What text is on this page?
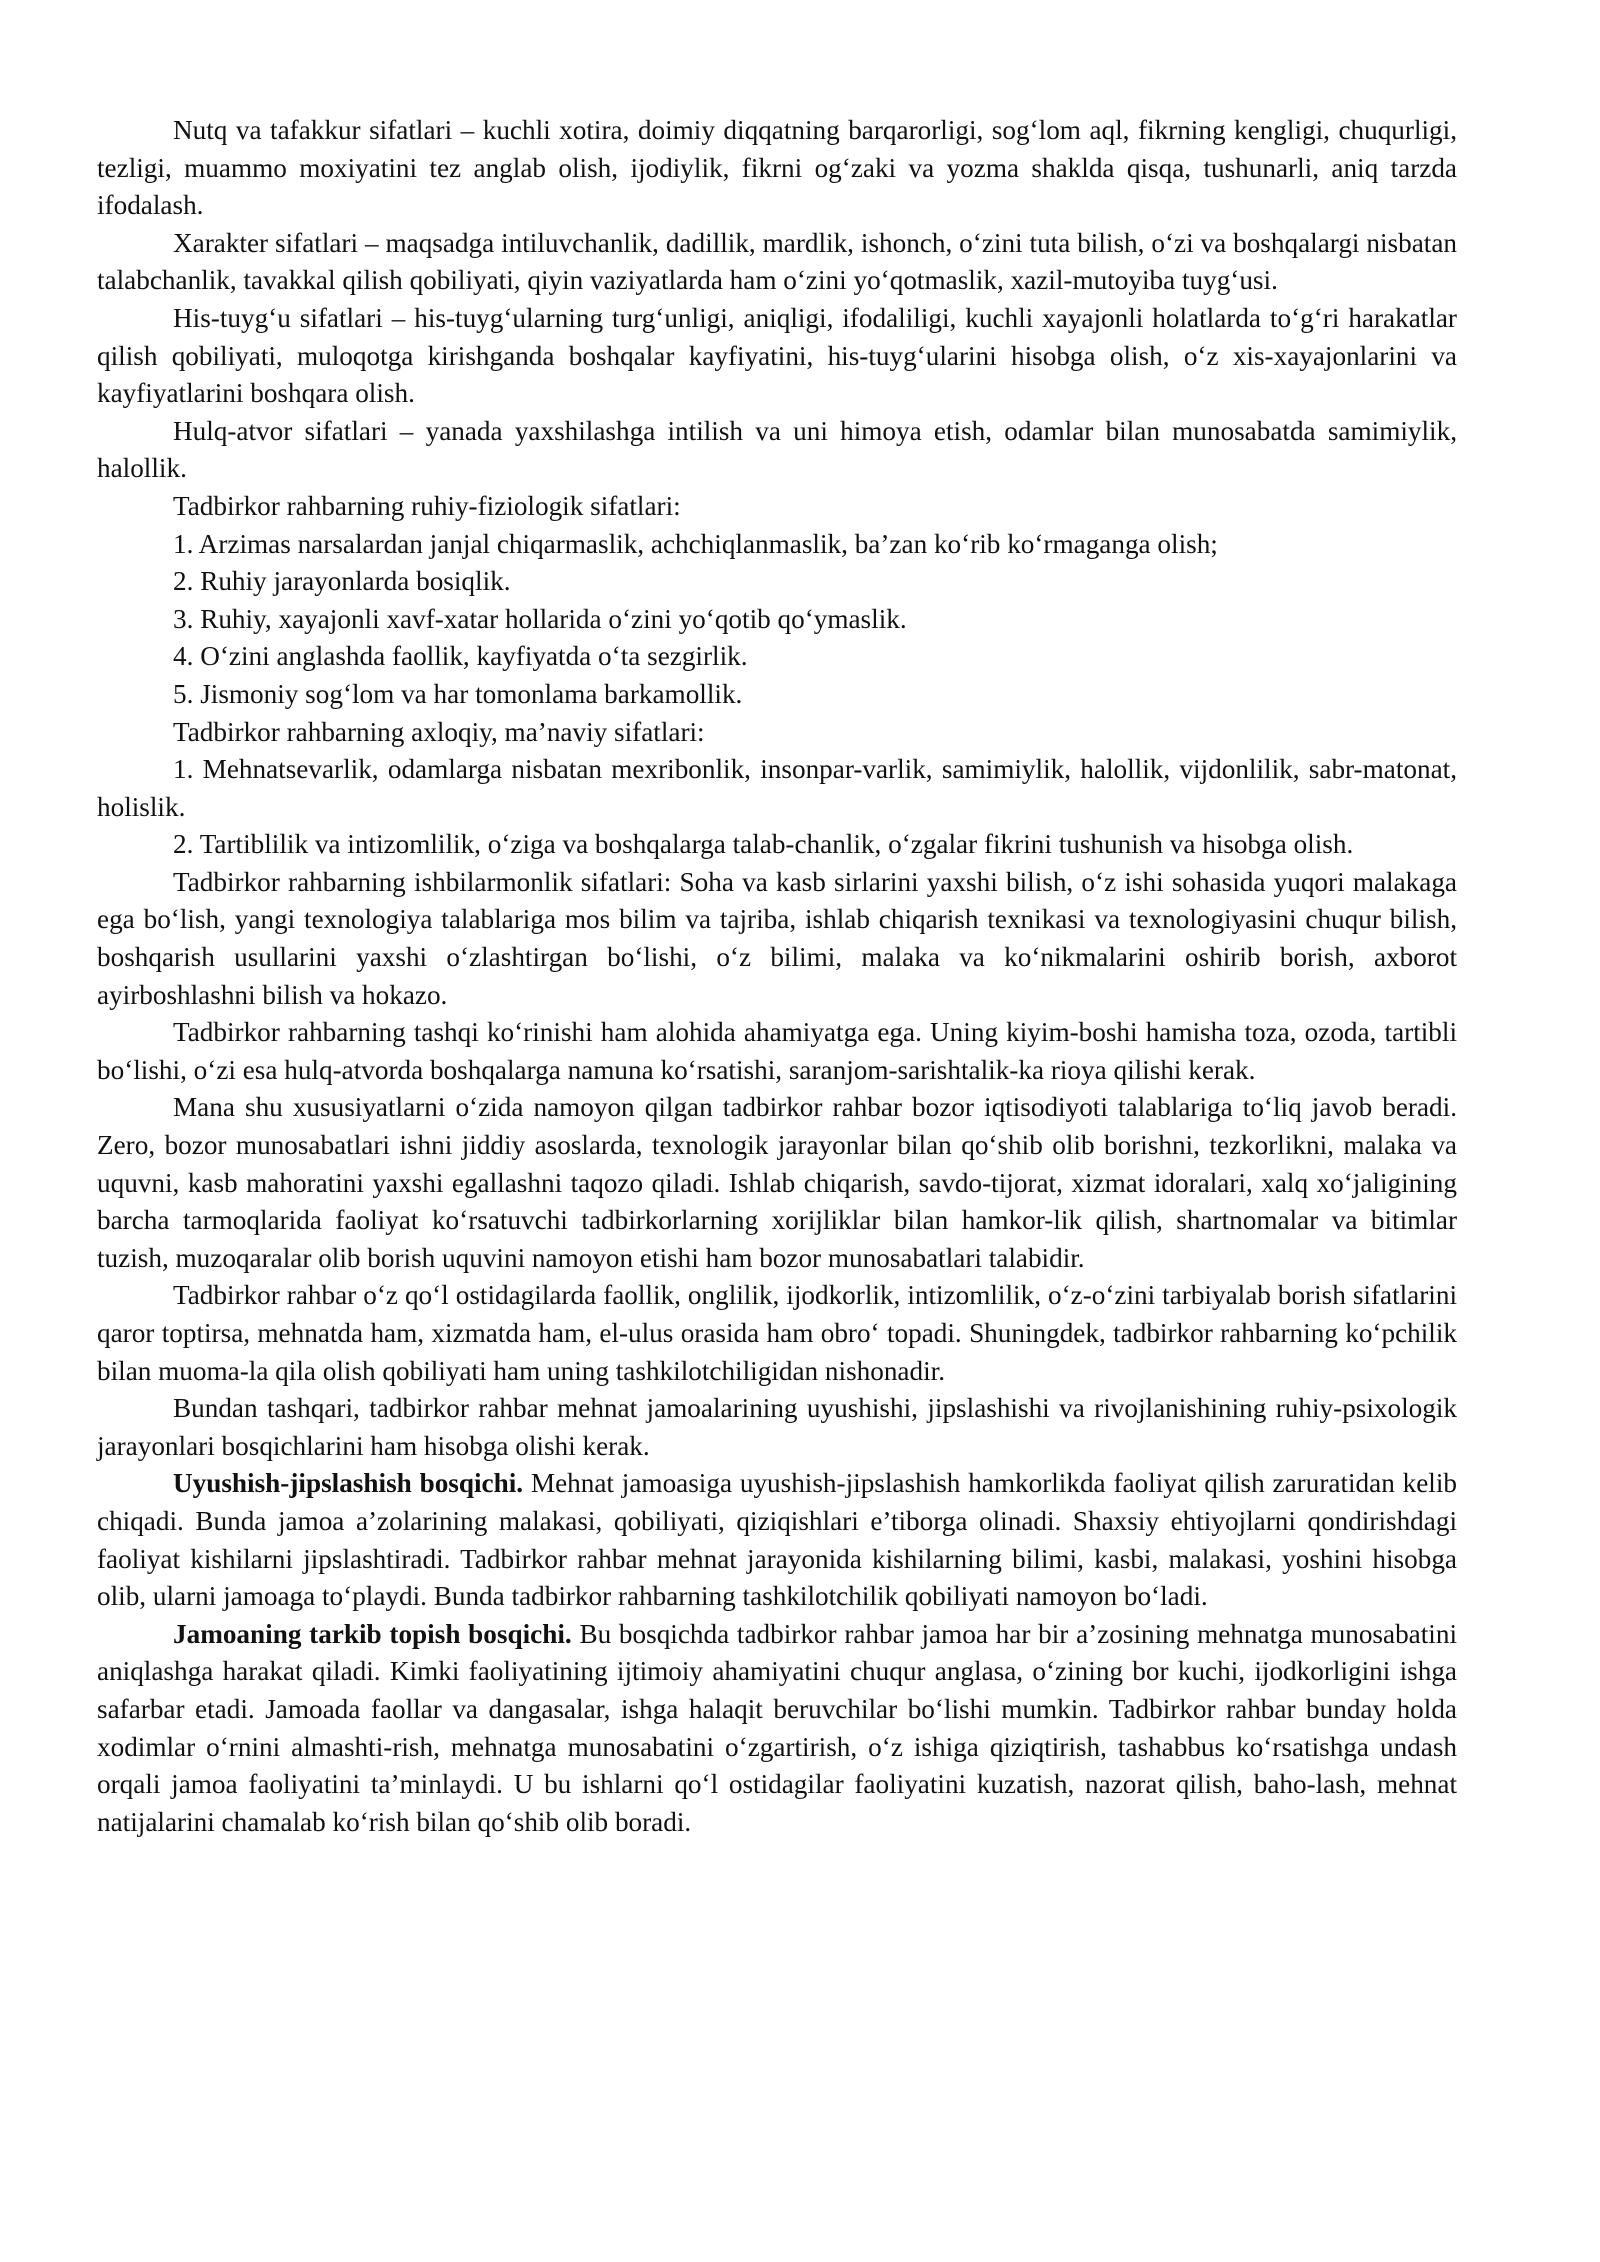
Nutq va tafakkur sifatlari – kuchli xotira, doimiy diqqatning barqarorligi, sog‘lom aql, fikrning kengligi, chuqurligi, tezligi, muammo moxiyatini tez anglab olish, ijodiylik, fikrni og‘zaki va yozma shaklda qisqa, tushunarli, aniq tarzda ifodalash.

Xarakter sifatlari – maqsadga intiluvchanlik, dadillik, mardlik, ishonch, o‘zini tuta bilish, o‘zi va boshqalargi nisbatan talabchanlik, tavakkal qilish qobiliyati, qiyin vaziyatlarda ham o‘zini yo‘qotmaslik, xazil-mutoyiba tuyg‘usi.

His-tuyg‘u sifatlari – his-tuyg‘ularning turg‘unligi, aniqligi, ifodaliligi, kuchli xayajonli holatlarda to‘g‘ri harakatlar qilish qobiliyati, muloqotga kirishganda boshqalar kayfiyatini, his-tuyg‘ularini hisobga olish, o‘z xis-xayajonlarini va kayfiyatlarini boshqara olish.

Hulq-atvor sifatlari – yanada yaxshilashga intilish va uni himoya etish, odamlar bilan munosabatda samimiylik, halollik.

Tadbirkor rahbarning ruhiy-fiziologik sifatlari:

1. Arzimas narsalardan janjal chiqarmaslik, achchiqlanmaslik, ba’zan ko‘rib ko‘rmaganga olish;

2. Ruhiy jarayonlarda bosiqlik.

3. Ruhiy, xayajonli xavf-xatar hollarida o‘zini yo‘qotib qo‘ymaslik.

4. O‘zini anglashda faollik, kayfiyatda o‘ta sezgirlik.

5. Jismoniy sog‘lom va har tomonlama barkamollik.

Tadbirkor rahbarning axloqiy, ma’naviy sifatlari:

1. Mehnatsevarlik, odamlarga nisbatan mexribonlik, insonpar-varlik, samimiylik, halollik, vijdonlilik, sabr-matonat, holislik.

2. Tartiblilik va intizomlilik, o‘ziga va boshqalarga talab-chanlik, o‘zgalar fikrini tushunish va hisobga olish.

Tadbirkor rahbarning ishbilarmonlik sifatlari: Soha va kasb sirlarini yaxshi bilish, o‘z ishi sohasida yuqori malakaga ega bo‘lish, yangi texnologiya talablariga mos bilim va tajriba, ishlab chiqarish texnikasi va texnologiyasini chuqur bilish, boshqarish usullarini yaxshi o‘zlashtirgan bo‘lishi, o‘z bilimi, malaka va ko‘nikmalarini oshirib borish, axborot ayirboshlashni bilish va hokazo.

Tadbirkor rahbarning tashqi ko‘rinishi ham alohida ahamiyatga ega. Uning kiyim-boshi hamisha toza, ozoda, tartibli bo‘lishi, o‘zi esa hulq-atvorda boshqalarga namuna ko‘rsatishi, saranjom-sarishtalik-ka rioya qilishi kerak.

Mana shu xususiyatlarni o‘zida namoyon qilgan tadbirkor rahbar bozor iqtisodiyoti talablariga to‘liq javob beradi. Zero, bozor munosabatlari ishni jiddiy asoslarda, texnologik jarayonlar bilan qo‘shib olib borishni, tezkorlikni, malaka va uquvni, kasb mahoratini yaxshi egallashni taqozo qiladi. Ishlab chiqarish, savdo-tijorat, xizmat idoralari, xalq xo‘jaligining barcha tarmoqlarida faoliyat ko‘rsatuvchi tadbirkorlarning xorijliklar bilan hamkor-lik qilish, shartnomalar va bitimlar tuzish, muzoqaralar olib borish uquvini namoyon etishi ham bozor munosabatlari talabidir.

Tadbirkor rahbar o‘z qo‘l ostidagilarda faollik, onglilik, ijodkorlik, intizomlilik, o‘z-o‘zini tarbiyalab borish sifatlarini qaror toptirsa, mehnatda ham, xizmatda ham, el-ulus orasida ham obro‘ topadi. Shuningdek, tadbirkor rahbarning ko‘pchilik bilan muoma-la qila olish qobiliyati ham uning tashkilotchiligidan nishonadir.

Bundan tashqari, tadbirkor rahbar mehnat jamoalarining uyushishi, jipslashishi va rivojlanishining ruhiy-psixologik jarayonlari bosqichlarini ham hisobga olishi kerak.

Uyushish-jipslashish bosqichi. Mehnat jamoasiga uyushish-jipslashish hamkorlikda faoliyat qilish zaruratidan kelib chiqadi. Bunda jamoa a’zolarining malakasi, qobiliyati, qiziqishlari e’tiborga olinadi. Shaxsiy ehtiyojlarni qondirishdagi faoliyat kishilarni jipslashtiradi. Tadbirkor rahbar mehnat jarayonida kishilarning bilimi, kasbi, malakasi, yoshini hisobga olib, ularni jamoaga to‘playdi. Bunda tadbirkor rahbarning tashkilotchilik qobiliyati namoyon bo‘ladi.

Jamoaning tarkib topish bosqichi. Bu bosqichda tadbirkor rahbar jamoa har bir a’zosining mehnatga munosabatini aniqlashga harakat qiladi. Kimki faoliyatining ijtimoiy ahamiyatini chuqur anglasa, o‘zining bor kuchi, ijodkorligini ishga safarbar etadi. Jamoada faollar va dangasalar, ishga halaqit beruvchilar bo‘lishi mumkin. Tadbirkor rahbar bunday holda xodimlar o‘rnini almashti-rish, mehnatga munosabatini o‘zgartirish, o‘z ishiga qiziqtirish, tashabbus ko‘rsatishga undash orqali jamoa faoliyatini ta’minlaydi. U bu ishlarni qo‘l ostidagilar faoliyatini kuzatish, nazorat qilish, baho-lash, mehnat natijalarini chamalab ko‘rish bilan qo‘shib olib boradi.
